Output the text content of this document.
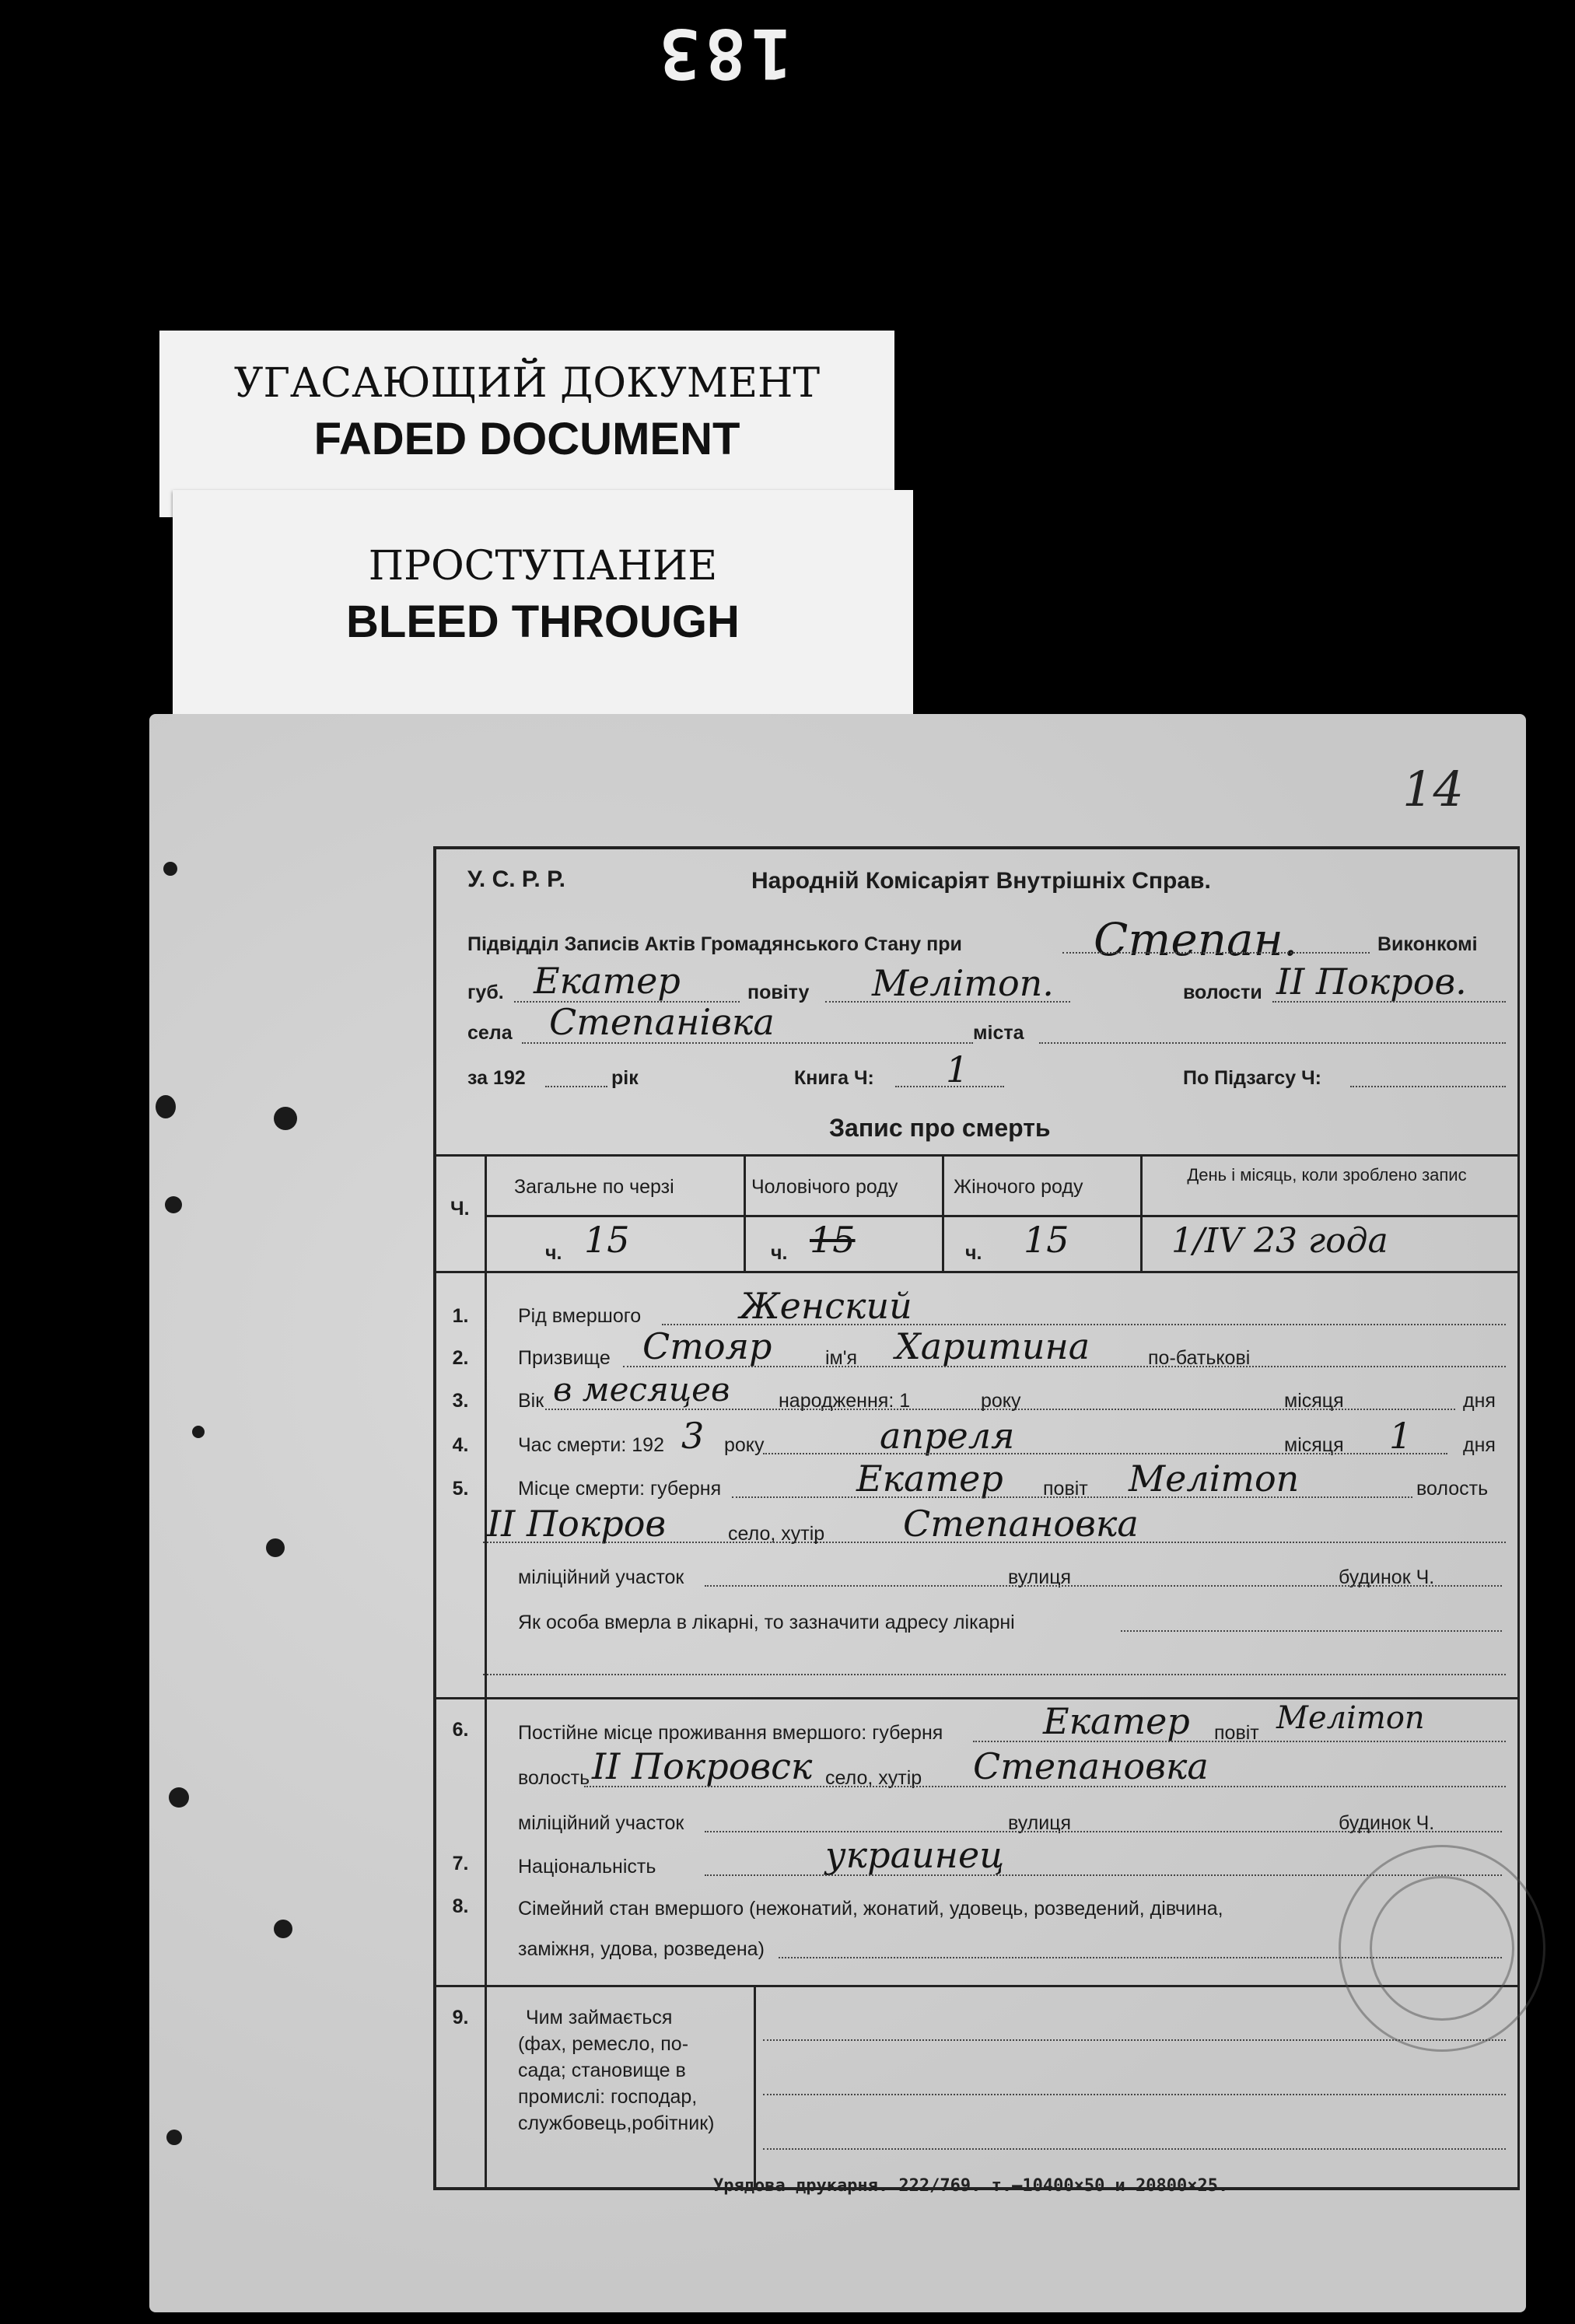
183
УГАСАЮЩИЙ ДОКУМЕНТ
FADED DOCUMENT
ПРОСТУПАНИЕ
BLEED THROUGH
14
У. С. Р. Р.	Народній Комісаріят Внутрішніх Справ.
Підвідділ Записів Актів Громадянського Стану при	Степан.	Виконкомі
губ. Екатер	повіту Мелітоп.	волости II Покров.
села Степанівка	міста
за 192	рік	Книга Ч: 1	По Підзагсу Ч:
Запис про смерть
Ч.
Загальне по черзі	Чоловічого роду	Жіночого роду
День і місяць, коли зроблено запис
ч. 15	ч. 15	ч. 15	1/IV 23 года
1.	Рід вмершого	Женский
2.	Призвище Стояр	ім'я Харитина	по-батькові
3.	Вік в месяцев	народження: 1	року	місяця	дня
4.	Час смерти: 192 3 року	апреля	місяця 1	дня
5.	Місце смерти: губерня	Екатер повіт Мелітоп	волость
II Покров	село, хутір Степановка
міліційний участок	вулиця	будинок Ч.
Як особа вмерла в лікарні, то зазначити адресу лікарні
6.	Постійне місце проживання вмершого: губерня	Екатер повіт Мелітоп
волость II Покровск село, хутір Степановка
міліційний участок	вулиця	будинок Ч.
7.	Національність	украинец
8.	Сімейний стан вмершого (нежонатий, жонатий, удовець, розведений, дівчина,
заміжня, удова, розведена)
9.	Чим займається
(фах, ремесло, по-
сада; становище в
промислі: господар,
службовець,робітник)
Урядова друкарня. 222/769. т.—10400×50 и 20800×25.
